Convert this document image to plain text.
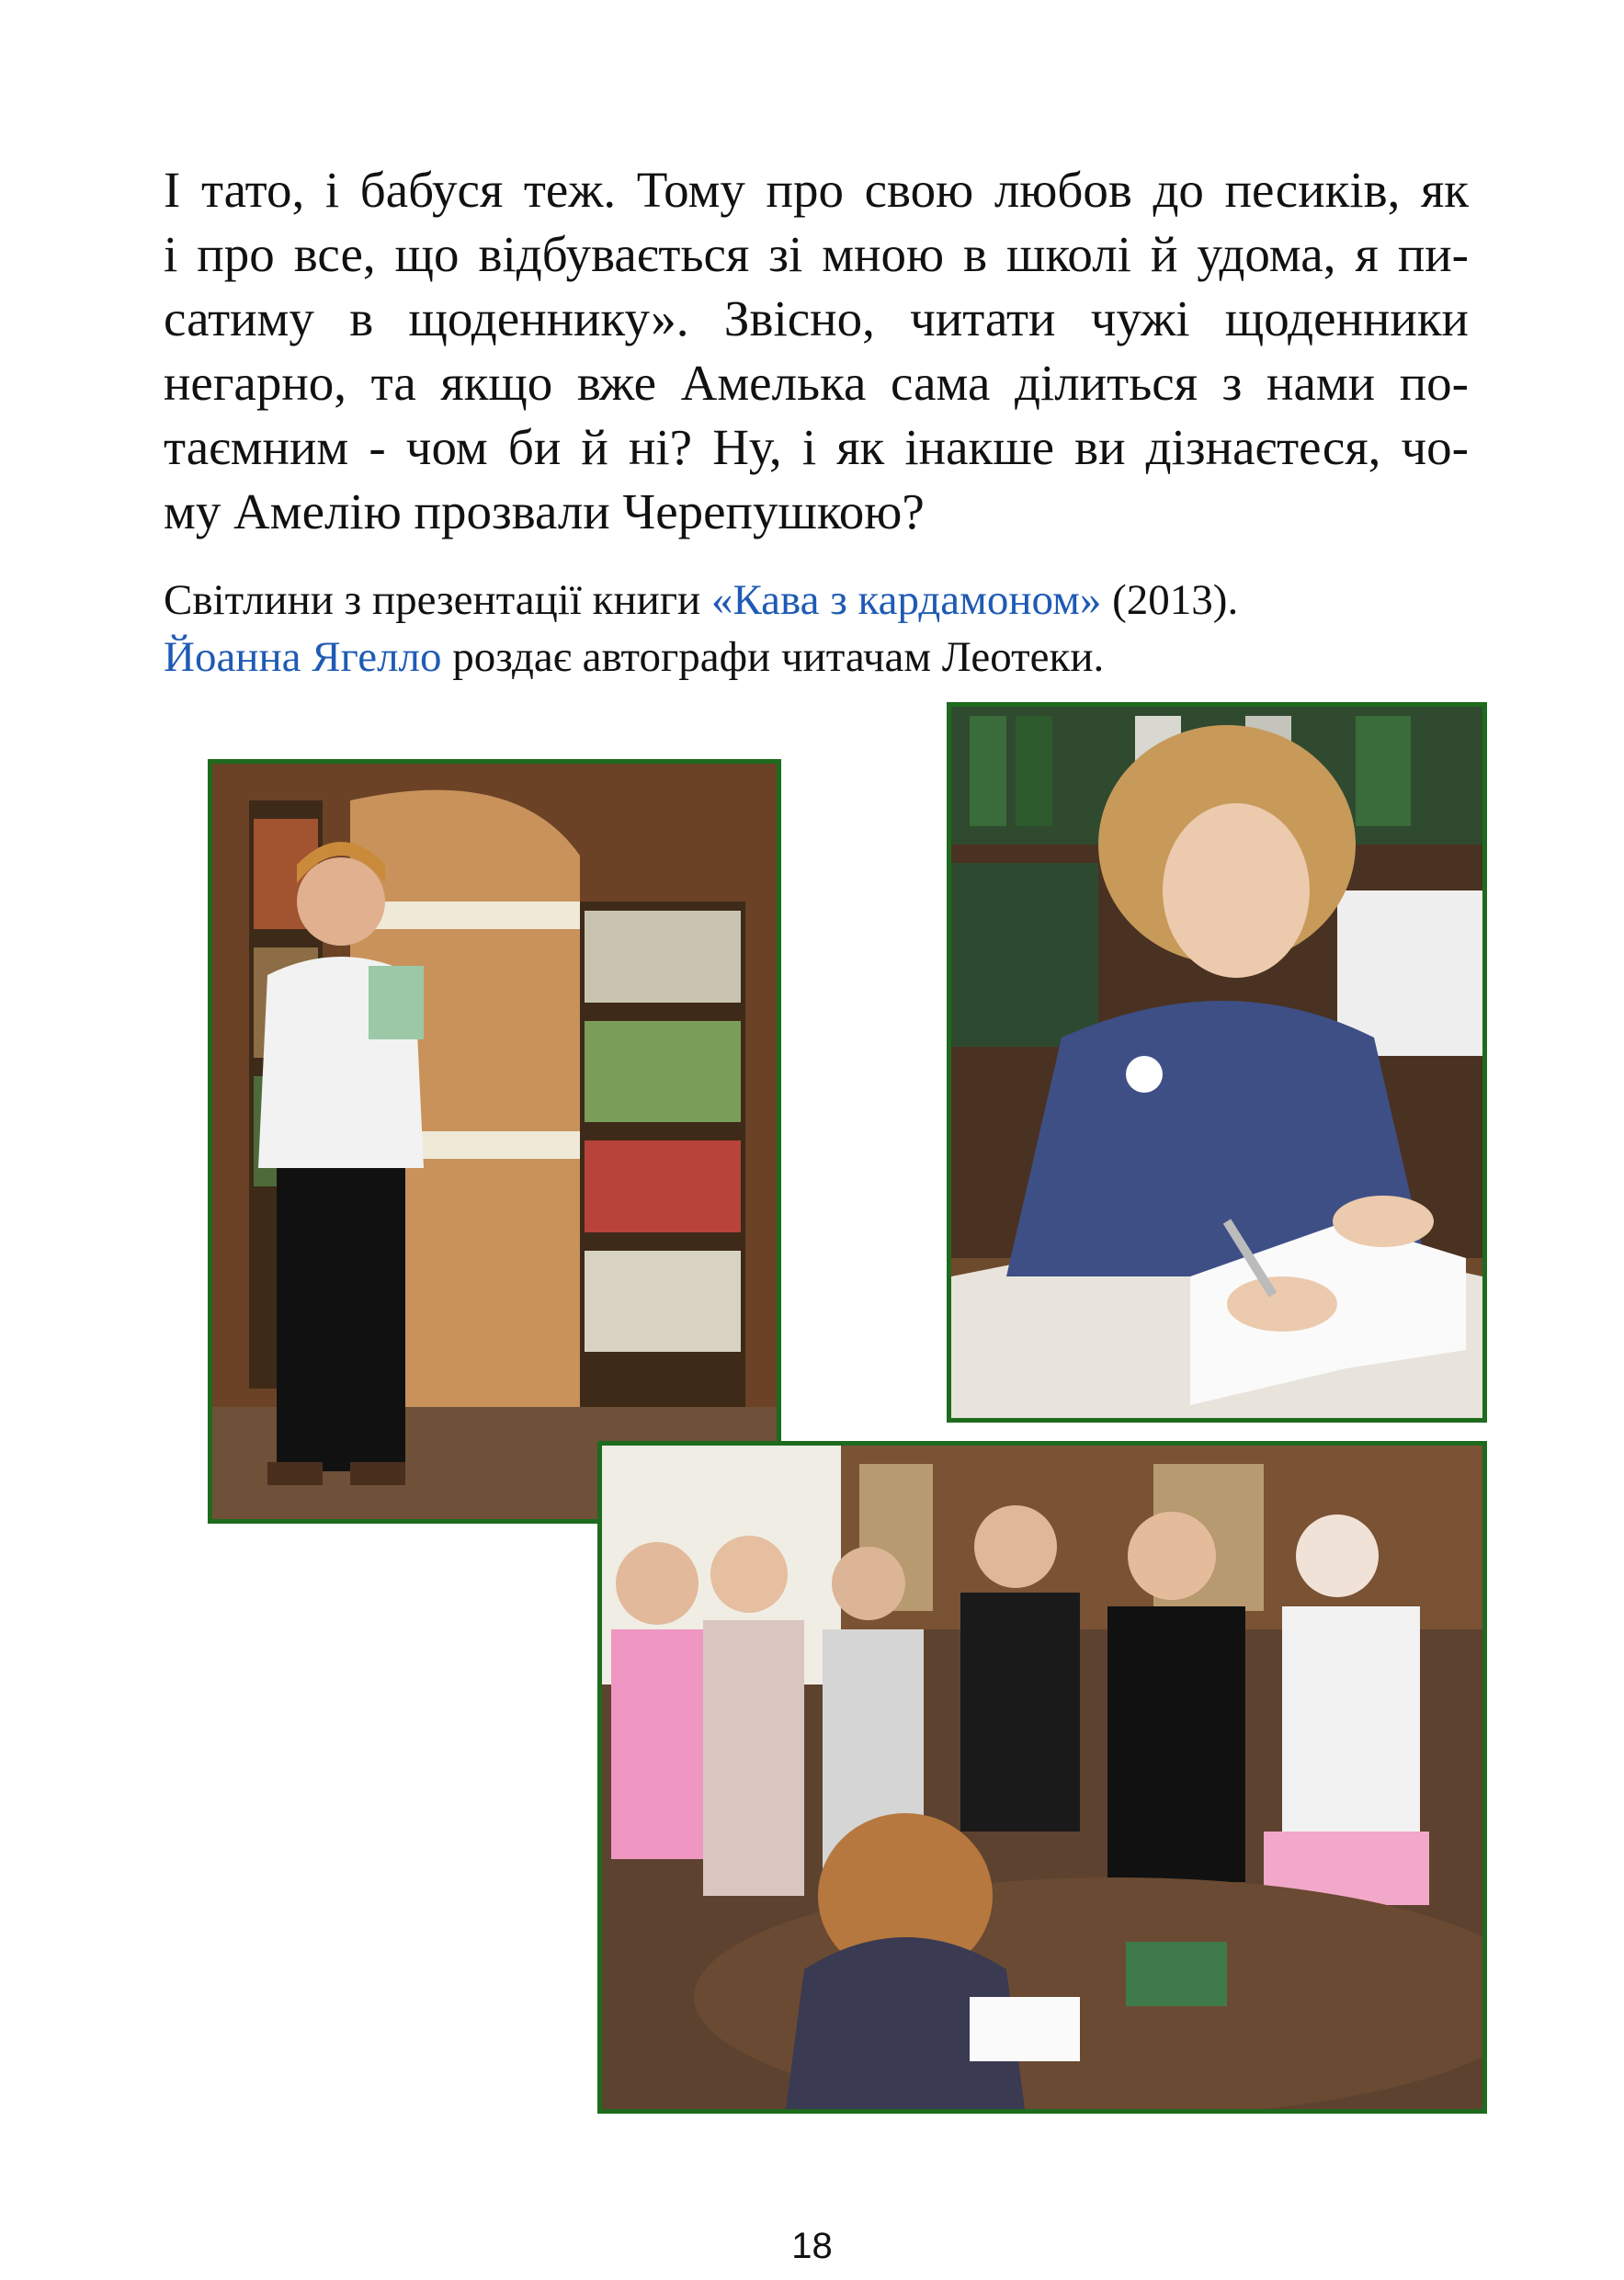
І тато, і бабуся теж. Тому про свою любов до песиків, як
і про все, що відбувається зі мною в школі й удома, я пи-
сатиму в щоденнику». Звісно, читати чужі щоденники
негарно, та якщо вже Амелька сама ділиться з нами по-
таємним - чом би й ні? Ну, і як інакше ви дізнаєтеся, чо-
му Амелію прозвали Черепушкою?
Світлини з презентації книги «Кава з кардамоном» (2013).
Йоанна Ягелло роздає автографи читачам Леотеки.
18
